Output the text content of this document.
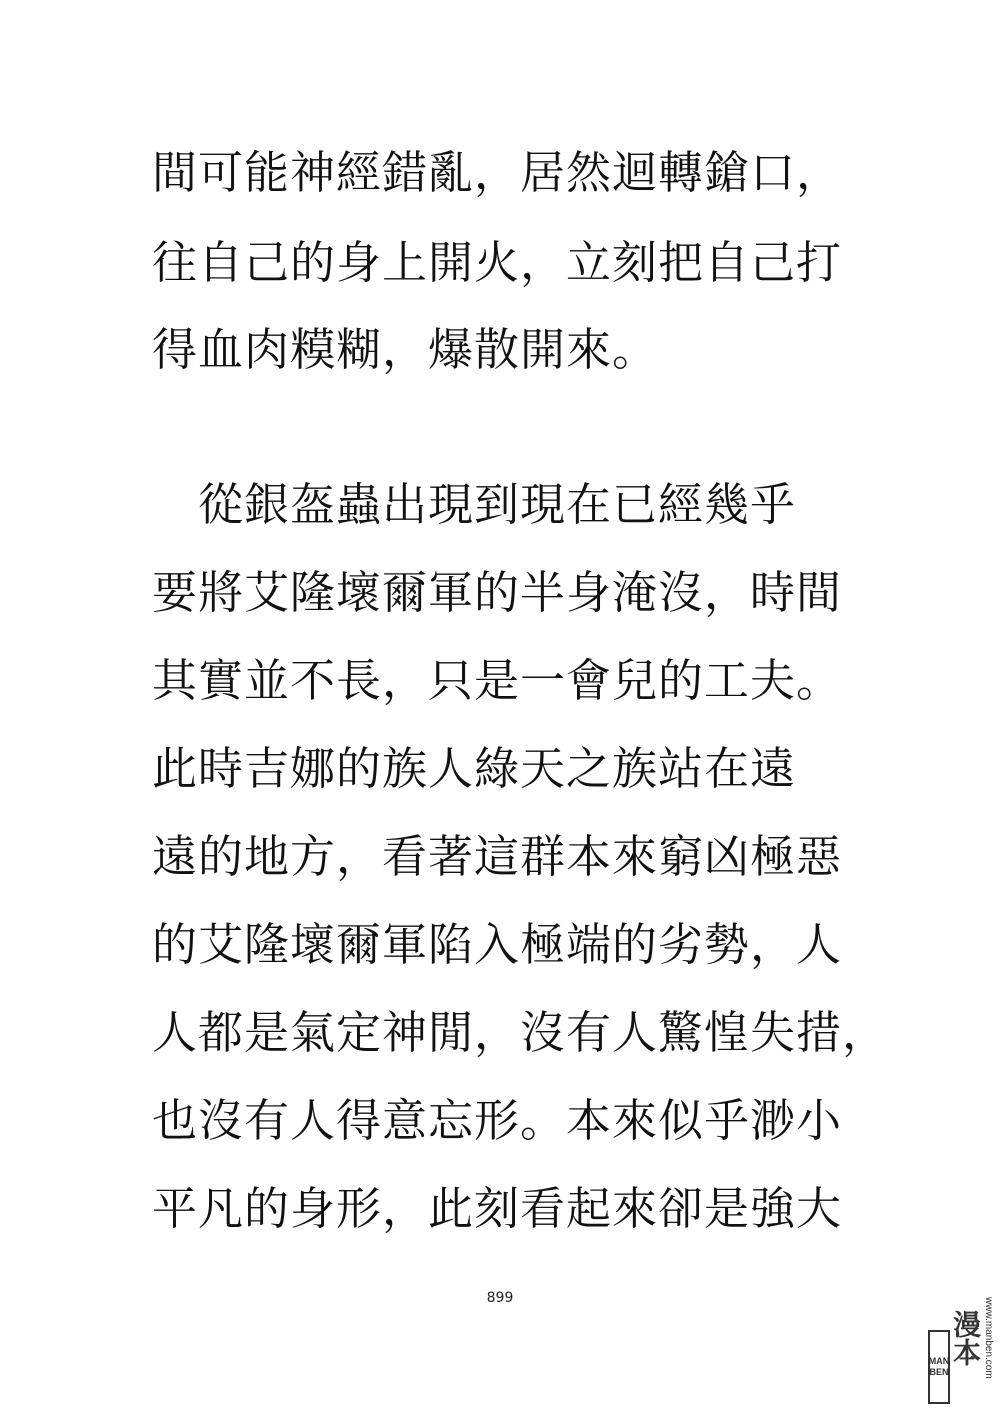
間可能神經錯亂，居然迴轉鎗口，
往自己的身上開火，立刻把自己打
得血肉糢糊，爆散開來。
　從銀盔蟲出現到現在已經幾乎
要將艾隆壞爾軍的半身淹沒，時間
其實並不長，只是一會兒的工夫。
此時吉娜的族人綠天之族站在遠
遠的地方，看著這群本來窮凶極惡
的艾隆壞爾軍陷入極端的劣勢，人
人都是氣定神閒，沒有人驚惶失措，
也沒有人得意忘形。本來似乎渺小
平凡的身形，此刻看起來卻是強大
899
MAN
BEN
漫本 www.manben.com
